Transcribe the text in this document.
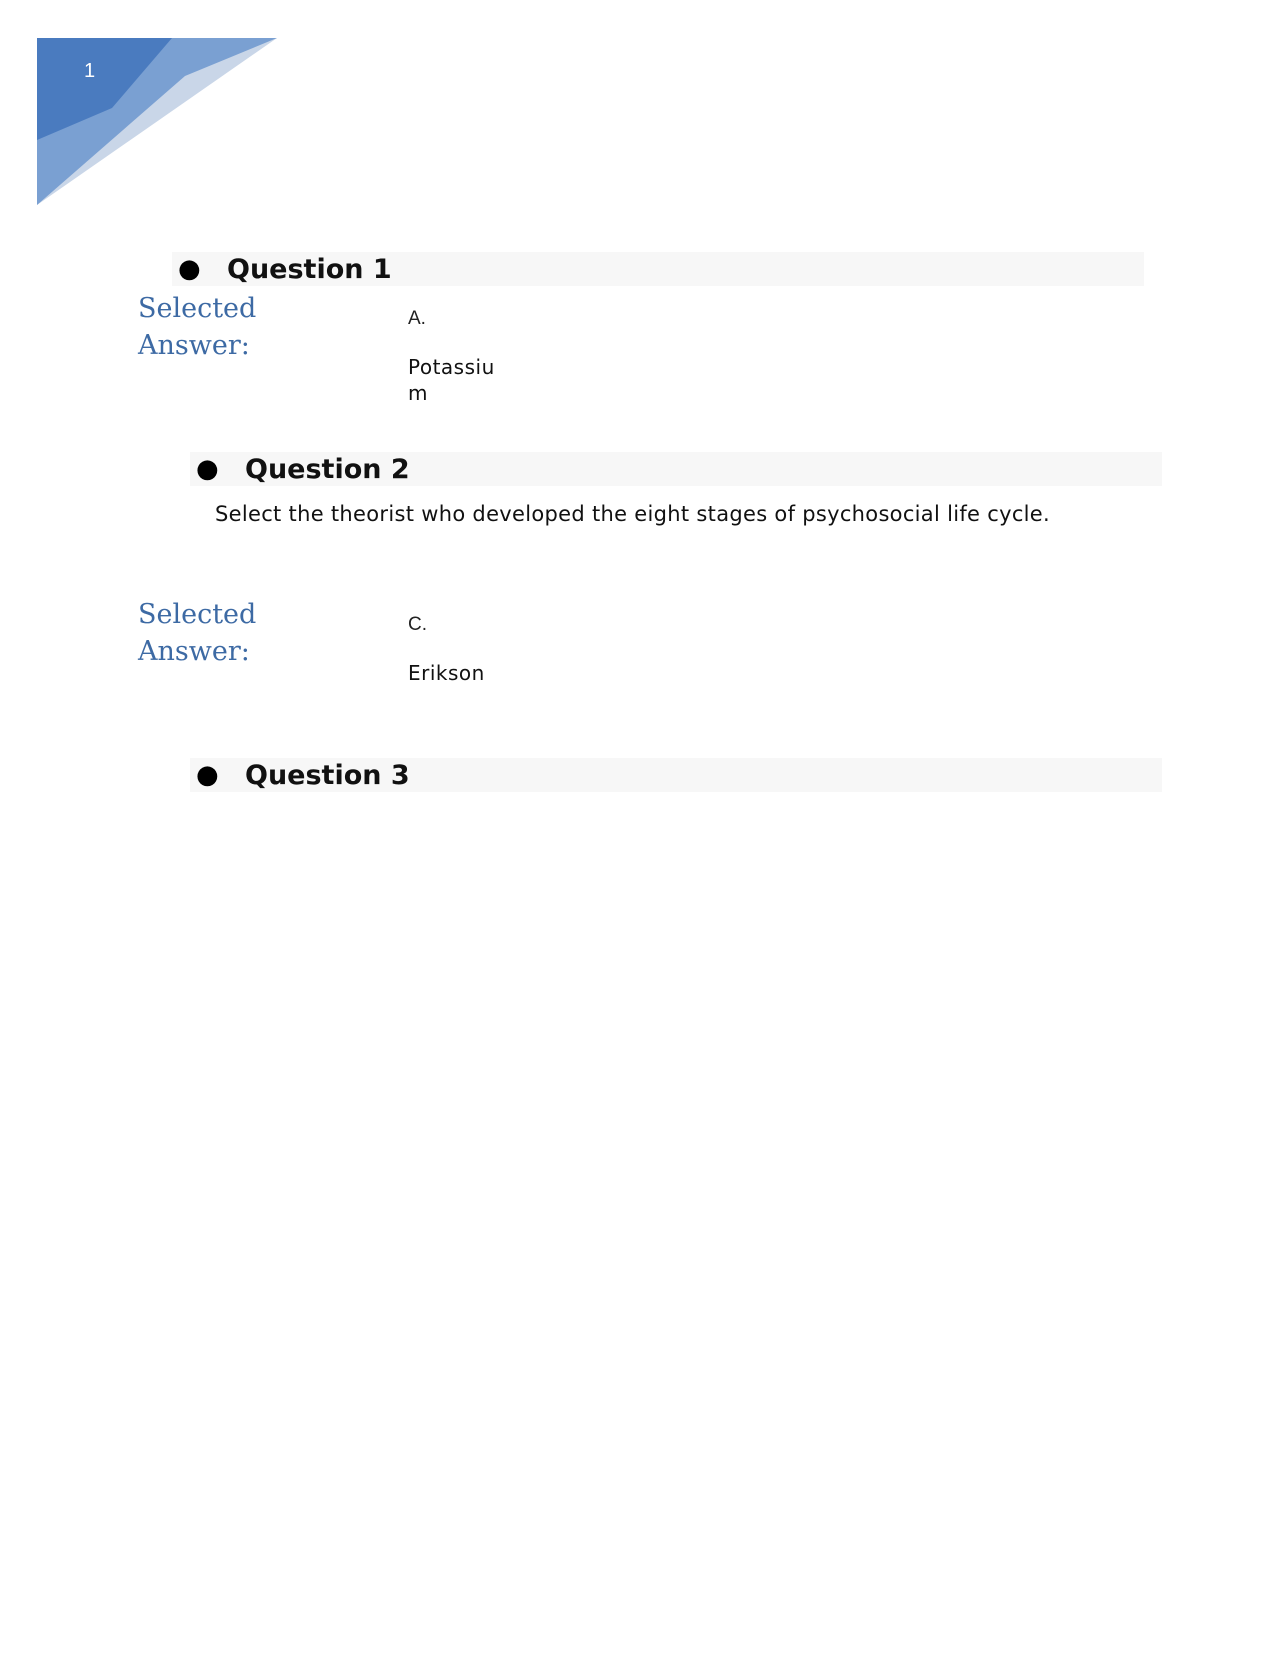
1
● Question 1
Selected Answer:
A.
Potassium
● Question 2
Select the theorist who developed the eight stages of psychosocial life cycle.
Selected Answer:
C.
Erikson
● Question 3
